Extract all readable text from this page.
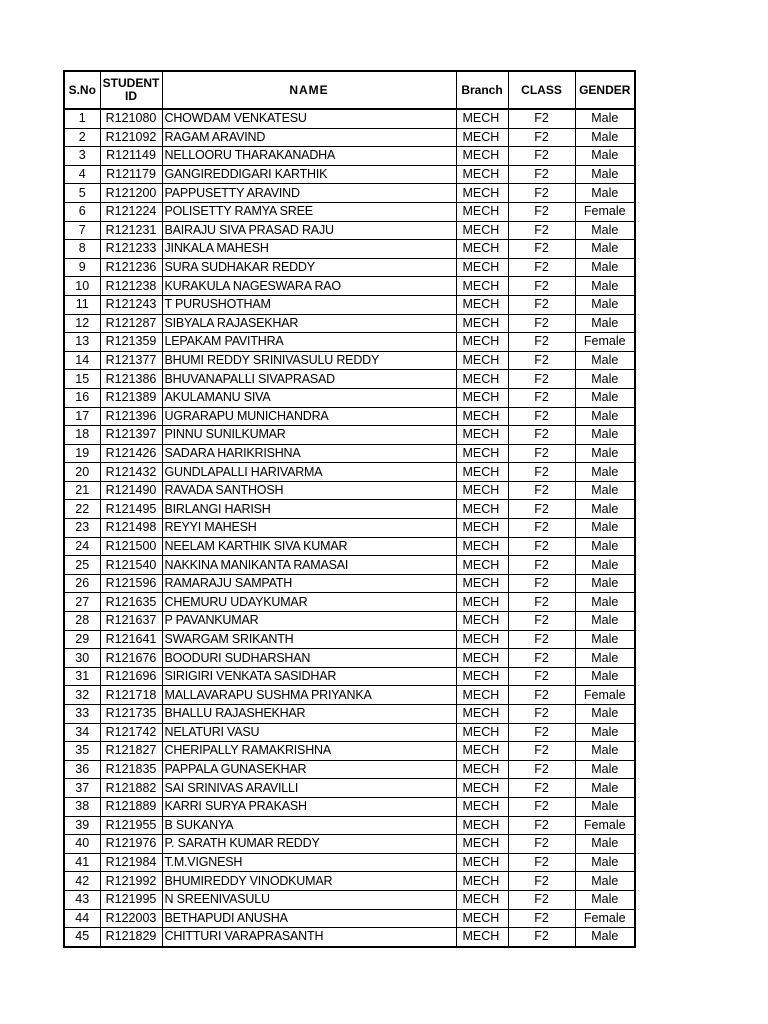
S.No	STUDENT ID	NAME	Branch	CLASS	GENDER
1	R121080	CHOWDAM VENKATESU	MECH	F2	Male
2	R121092	RAGAM ARAVIND	MECH	F2	Male
3	R121149	NELLOORU THARAKANADHA	MECH	F2	Male
4	R121179	GANGIREDDIGARI KARTHIK	MECH	F2	Male
5	R121200	PAPPUSETTY ARAVIND	MECH	F2	Male
6	R121224	POLISETTY RAMYA SREE	MECH	F2	Female
7	R121231	BAIRAJU SIVA PRASAD RAJU	MECH	F2	Male
8	R121233	JINKALA MAHESH	MECH	F2	Male
9	R121236	SURA SUDHAKAR REDDY	MECH	F2	Male
10	R121238	KURAKULA NAGESWARA RAO	MECH	F2	Male
11	R121243	T PURUSHOTHAM	MECH	F2	Male
12	R121287	SIBYALA RAJASEKHAR	MECH	F2	Male
13	R121359	LEPAKAM PAVITHRA	MECH	F2	Female
14	R121377	BHUMI REDDY SRINIVASULU REDDY	MECH	F2	Male
15	R121386	BHUVANAPALLI SIVAPRASAD	MECH	F2	Male
16	R121389	AKULAMANU SIVA	MECH	F2	Male
17	R121396	UGRARAPU MUNICHANDRA	MECH	F2	Male
18	R121397	PINNU SUNILKUMAR	MECH	F2	Male
19	R121426	SADARA HARIKRISHNA	MECH	F2	Male
20	R121432	GUNDLAPALLI HARIVARMA	MECH	F2	Male
21	R121490	RAVADA SANTHOSH	MECH	F2	Male
22	R121495	BIRLANGI HARISH	MECH	F2	Male
23	R121498	REYYI MAHESH	MECH	F2	Male
24	R121500	NEELAM KARTHIK SIVA KUMAR	MECH	F2	Male
25	R121540	NAKKINA MANIKANTA RAMASAI	MECH	F2	Male
26	R121596	RAMARAJU SAMPATH	MECH	F2	Male
27	R121635	CHEMURU UDAYKUMAR	MECH	F2	Male
28	R121637	P PAVANKUMAR	MECH	F2	Male
29	R121641	SWARGAM SRIKANTH	MECH	F2	Male
30	R121676	BOODURI SUDHARSHAN	MECH	F2	Male
31	R121696	SIRIGIRI VENKATA SASIDHAR	MECH	F2	Male
32	R121718	MALLAVARAPU SUSHMA PRIYANKA	MECH	F2	Female
33	R121735	BHALLU RAJASHEKHAR	MECH	F2	Male
34	R121742	NELATURI VASU	MECH	F2	Male
35	R121827	CHERIPALLY RAMAKRISHNA	MECH	F2	Male
36	R121835	PAPPALA GUNASEKHAR	MECH	F2	Male
37	R121882	SAI SRINIVAS ARAVILLI	MECH	F2	Male
38	R121889	KARRI SURYA PRAKASH	MECH	F2	Male
39	R121955	B SUKANYA	MECH	F2	Female
40	R121976	P. SARATH KUMAR REDDY	MECH	F2	Male
41	R121984	T.M.VIGNESH	MECH	F2	Male
42	R121992	BHUMIREDDY VINODKUMAR	MECH	F2	Male
43	R121995	N SREENIVASULU	MECH	F2	Male
44	R122003	BETHAPUDI ANUSHA	MECH	F2	Female
45	R121829	CHITTURI VARAPRASANTH	MECH	F2	Male
